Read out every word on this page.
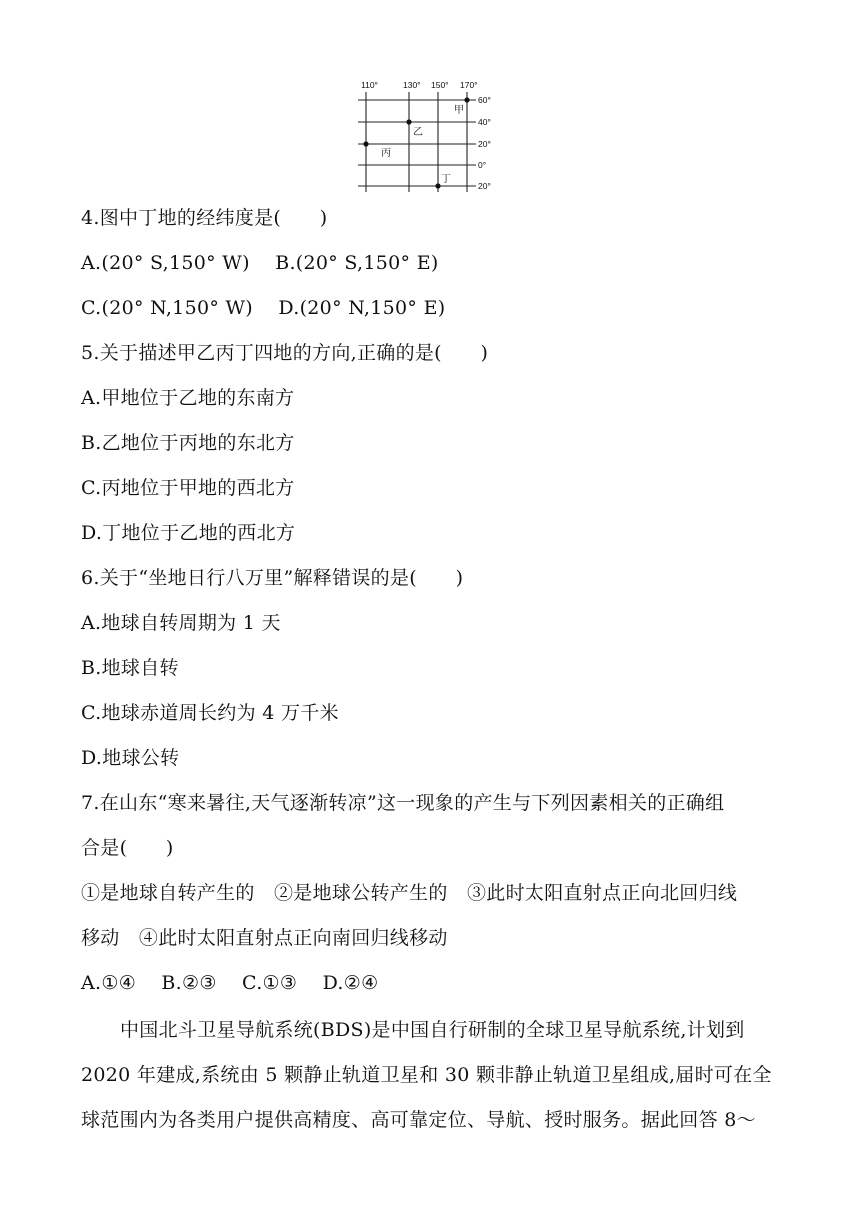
110°	130° 150° 170°
60°
40°
20°
0°
20°
甲
乙
丙
丁
4.图中丁地的经纬度是(　　)
A.(20° S,150° W) B.(20° S,150° E)
C.(20° N,150° W) D.(20° N,150° E)
5.关于描述甲乙丙丁四地的方向,正确的是(　　)
A.甲地位于乙地的东南方
B.乙地位于丙地的东北方
C.丙地位于甲地的西北方
D.丁地位于乙地的西北方
6.关于“坐地日行八万里”解释错误的是(　　)
A.地球自转周期为 1 天
B.地球自转
C.地球赤道周长约为 4 万千米
D.地球公转
7.在山东“寒来暑往,天气逐渐转凉”这一现象的产生与下列因素相关的正确组
合是(　　)
①是地球自转产生的　②是地球公转产生的　③此时太阳直射点正向北回归线
移动　④此时太阳直射点正向南回归线移动
A.①④ B.②③ C.①③ D.②④
中国北斗卫星导航系统(BDS)是中国自行研制的全球卫星导航系统,计划到
2020 年建成,系统由 5 颗静止轨道卫星和 30 颗非静止轨道卫星组成,届时可在全
球范围内为各类用户提供高精度、高可靠定位、导航、授时服务。据此回答 8～
